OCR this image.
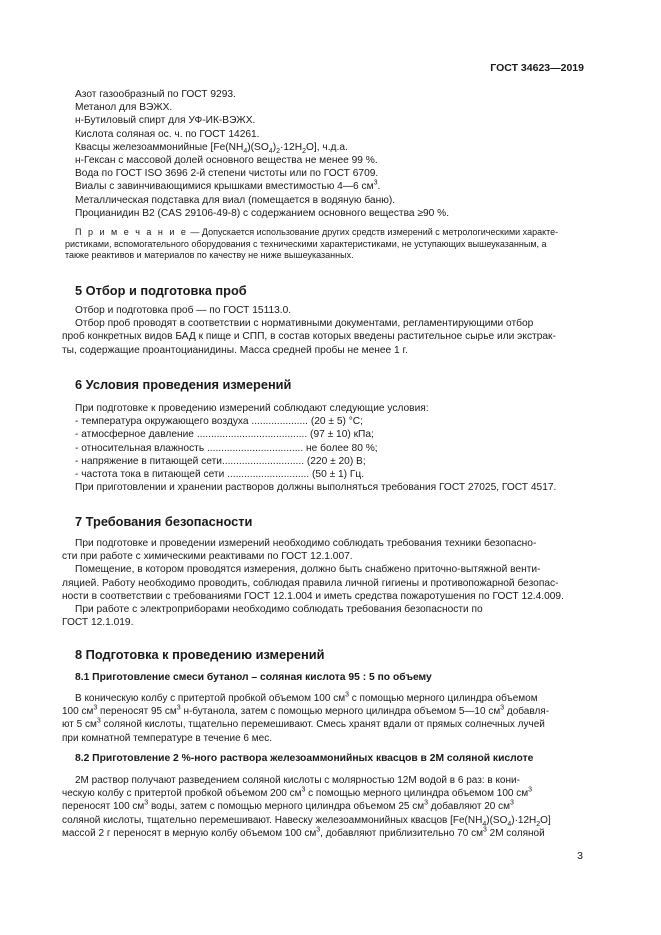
ГОСТ 34623—2019
Азот газообразный по ГОСТ 9293.
Метанол для ВЭЖХ.
н-Бутиловый спирт для УФ-ИК-ВЭЖХ.
Кислота соляная ос. ч. по ГОСТ 14261.
Квасцы железоаммонийные $[Fe(NH_4)(SO_4)_2\cdot 12H_2O]$, ч.д.а.
н-Гексан с массовой долей основного вещества не менее 99 %.
Вода по ГОСТ ISO 3696 2-й степени чистоты или по ГОСТ 6709.
Виалы с завинчивающимися крышками вместимостью 4—6 $см^3$.
Металлическая подставка для виал (помещается в водяную баню).
Процианидин В2 (CAS 29106-49-8) с содержанием основного вещества ≥90 %.
П р и м е ч а н и е — Допускается использование других средств измерений с метрологическими характе-
ристиками, вспомогательного оборудования с техническими характеристиками, не уступающих вышеуказанным, а
также реактивов и материалов по качеству не ниже вышеуказанных.
5 Отбор и подготовка проб
Отбор и подготовка проб — по ГОСТ 15113.0.
Отбор проб проводят в соответствии с нормативными документами, регламентирующими отбор
проб конкретных видов БАД к пище и СПП, в состав которых введены растительное сырье или экстрак-
ты, содержащие проантоцианидины. Масса средней пробы не менее 1 г.
6 Условия проведения измерений
При подготовке к проведению измерений соблюдают следующие условия:
- температура окружающего воздуха .................... (20 ± 5) °С;
- атмосферное давление ....................................... (97 ± 10) кПа;
- относительная влажность .................................. не более 80 %;
- напряжение в питающей сети............................. (220 ± 20) В;
- частота тока в питающей сети ............................. (50 ± 1) Гц.
При приготовлении и хранении растворов должны выполняться требования ГОСТ 27025, ГОСТ 4517.
7 Требования безопасности
При подготовке и проведении измерений необходимо соблюдать требования техники безопасно-
сти при работе с химическими реактивами по ГОСТ 12.1.007.
Помещение, в котором проводятся измерения, должно быть снабжено приточно-вытяжной венти-
ляцией. Работу необходимо проводить, соблюдая правила личной гигиены и противопожарной безопас-
ности в соответствии с требованиями ГОСТ 12.1.004 и иметь средства пожаротушения по ГОСТ 12.4.009.
При работе с электроприборами необходимо соблюдать требования безопасности по
ГОСТ 12.1.019.
8 Подготовка к проведению измерений
8.1 Приготовление смеси бутанол – соляная кислота 95 : 5 по объему
В коническую колбу с притертой пробкой объемом 100 $см^3$ с помощью мерного цилиндра объемом
100 $см^3$ переносят 95 $см^3$ н-бутанола, затем с помощью мерного цилиндра объемом 5—10 $см^3$ добавля-
ют 5 $см^3$ соляной кислоты, тщательно перемешивают. Смесь хранят вдали от прямых солнечных лучей
при комнатной температуре в течение 6 мес.
8.2 Приготовление 2 %-ного раствора железоаммонийных квасцов в 2М соляной кислоте
2М раствор получают разведением соляной кислоты с молярностью 12М водой в 6 раз: в кони-
ческую колбу с притертой пробкой объемом 200 $см^3$ с помощью мерного цилиндра объемом 100 $см^3$
переносят 100 $см^3$ воды, затем с помощью мерного цилиндра объемом 25 $см^3$ добавляют 20 $см^3$
соляной кислоты, тщательно перемешивают. Навеску железоаммонийных квасцов $[Fe(NH_4)(SO_4)\cdot 12H_2O]$
массой 2 г переносят в мерную колбу объемом 100 $см^3$, добавляют приблизительно 70 $см^3$ 2М соляной
3
